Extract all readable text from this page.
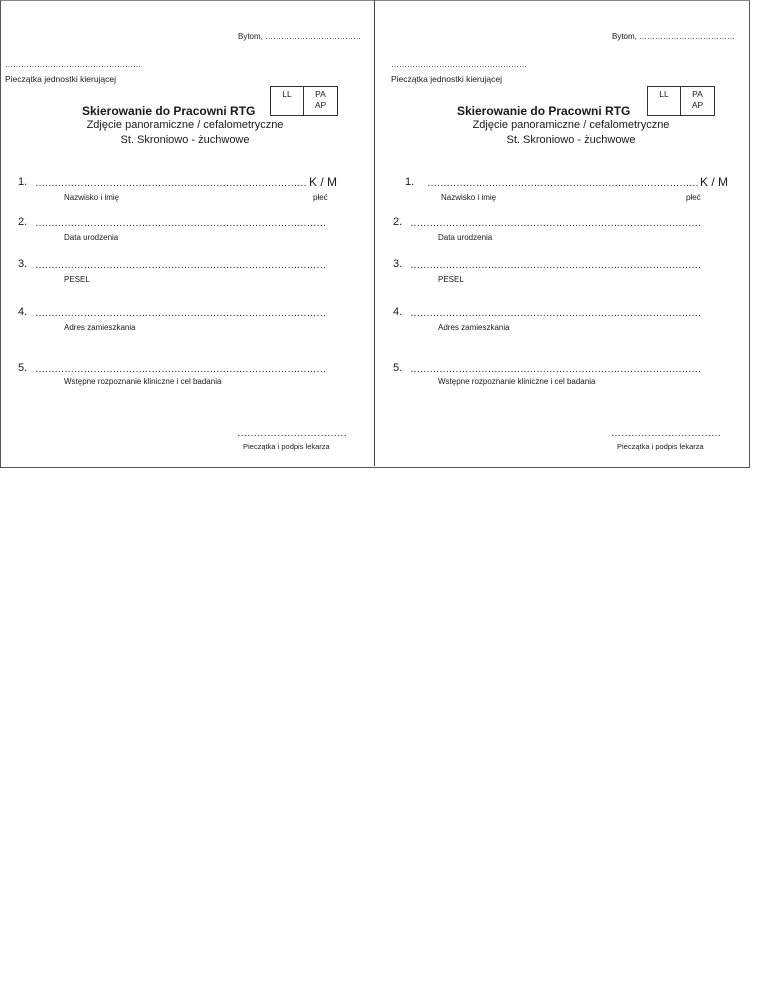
Bytom, ………………………………
……………………………………………
Pieczątka jednostki kierującej
LL	PA
AP
Skierowanie do Pracowni RTG
Zdjęcie panoramiczne / cefalometryczne
St. Skroniowo - żuchwowe
1. ………………………………………………………………………… K / M
Nazwisko i imię	płeć
2. ………………………………………………………………………………
Data urodzenia
3. ………………………………………………………………………………
PESEL
4. ………………………………………………………………………………
Adres zamieszkania
5. ………………………………………………………………………………
Wstępne rozpoznanie kliniczne i cel badania
……………………………
Pieczątka i podpis lekarza
Bytom, ………………………………
……………………………………………
Pieczątka jednostki kierującej
LL	PA
AP
Skierowanie do Pracowni RTG
Zdjęcie panoramiczne / cefalometryczne
St. Skroniowo - żuchwowe
1. ………………………………………………………………………… K / M
Nazwisko i imię	płeć
2. ………………………………………………………………………………
Data urodzenia
3. ………………………………………………………………………………
PESEL
4. ………………………………………………………………………………
Adres zamieszkania
5. ………………………………………………………………………………
Wstępne rozpoznanie kliniczne i cel badania
……………………………
Pieczątka i podpis lekarza
